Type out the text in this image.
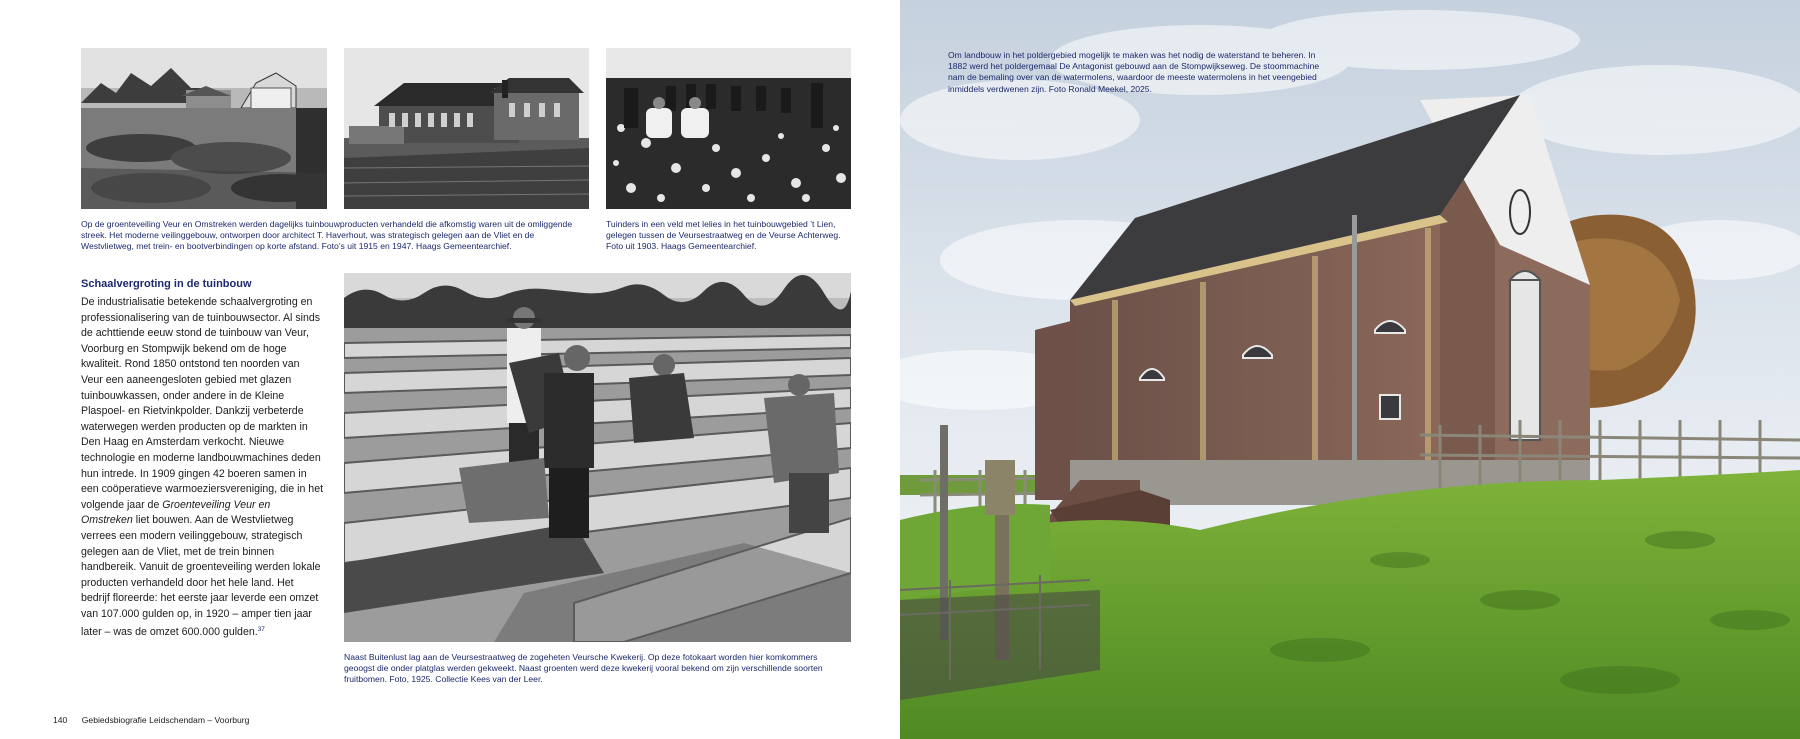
Op de groenteveiling Veur en Omstreken werden dagelijks tuinbouwproducten verhandeld die afkomstig waren uit de omliggende streek. Het moderne veilinggebouw, ontworpen door architect T. Haverhout, was strategisch gelegen aan de Vliet en de Westvlietweg, met trein- en bootverbindingen op korte afstand. Foto’s uit 1915 en 1947. Haags Gemeentearchief.
Tuinders in een veld met lelies in het tuinbouwgebied ’t Lien, gelegen tussen de Veursestraatweg en de Veurse Achterweg. Foto uit 1903. Haags Gemeentearchief.
Schaalvergroting in de tuinbouw

De industrialisatie betekende schaalvergroting en professionalisering van de tuinbouwsector. Al sinds de achttiende eeuw stond de tuinbouw van Veur, Voorburg en Stompwijk bekend om de hoge kwaliteit. Rond 1850 ontstond ten noorden van Veur een aaneengesloten gebied met glazen tuinbouwkassen, onder andere in de Kleine Plaspoel- en Rietvinkpolder. Dankzij verbeterde waterwegen werden producten op de markten in Den Haag en Amsterdam verkocht. Nieuwe technologie en moderne landbouwmachines deden hun intrede. In 1909 gingen 42 boeren samen in een coöperatieve warmoeziersvereniging, die in het volgende jaar de Groenteveiling Veur en Omstreken liet bouwen. Aan de Westvlietweg verrees een modern veilinggebouw, strategisch gelegen aan de Vliet, met de trein binnen handbereik. Vanuit de groenteveiling werden lokale producten verhandeld door het hele land. Het bedrijf floreerde: het eerste jaar leverde een omzet van 107.000 gulden op, in 1920 – amper tien jaar later – was de omzet 600.000 gulden.$^{37}$

Naast Buitenlust lag aan de Veursestraatweg de zogeheten Veursche Kwekerij. Op deze fotokaart worden hier komkommers geoogst die onder platglas werden gekweekt. Naast groenten werd deze kwekerij vooral bekend om zijn verschillende soorten fruitbomen. Foto, 1925. Collectie Kees van der Leer.
140 Gebiedsbiografie Leidschendam – Voorburg
Om landbouw in het poldergebied mogelijk te maken was het nodig de waterstand te beheren. In 1882 werd het poldergemaal De Antagonist gebouwd aan de Stompwijkseweg. De stoommachine nam de bemaling over van de watermolens, waardoor de meeste watermolens in het veengebied inmiddels verdwenen zijn. Foto Ronald Meekel, 2025.
